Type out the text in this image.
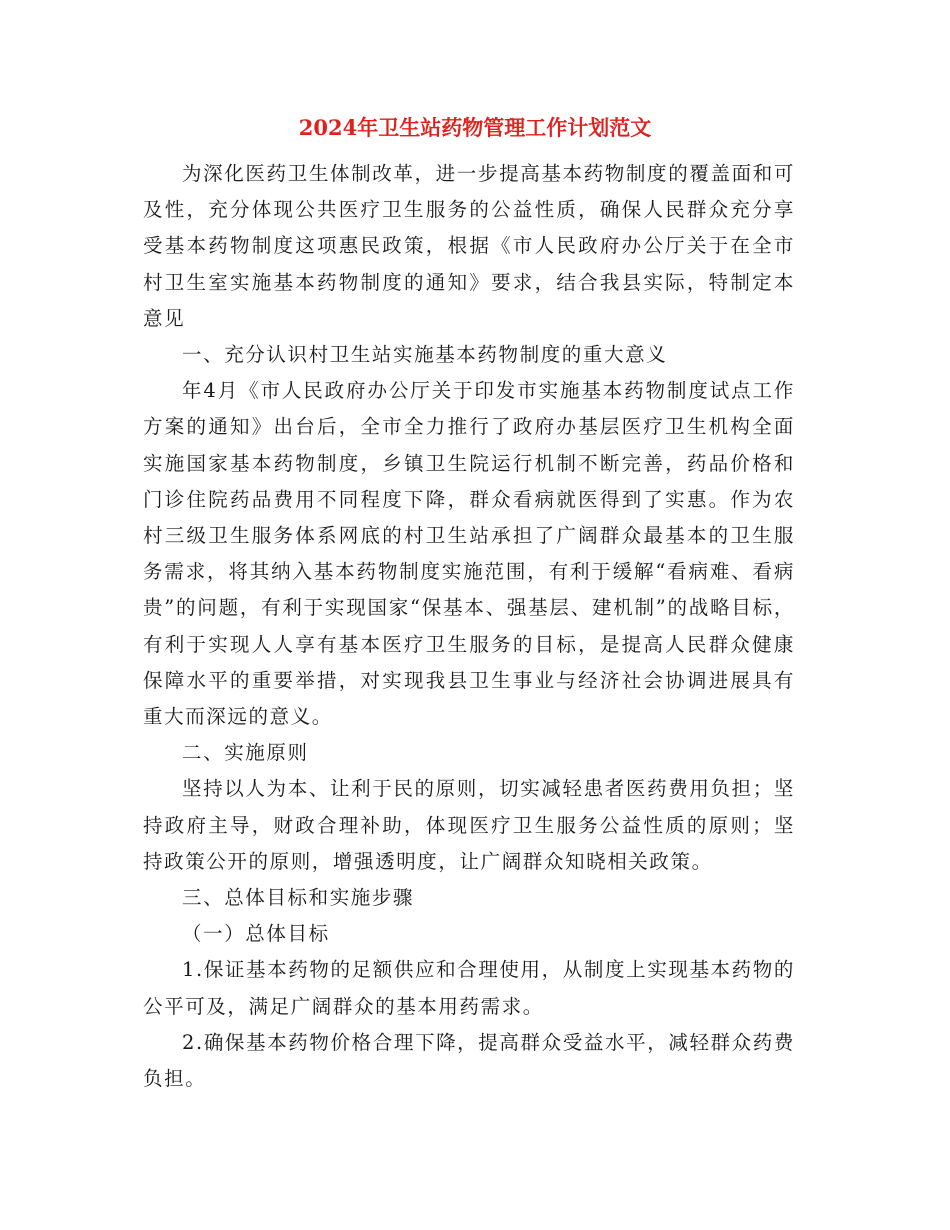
2024年卫生站药物管理工作计划范文

为深化医药卫生体制改革，进一步提高基本药物制度的覆盖面和可及性，充分体现公共医疗卫生服务的公益性质，确保人民群众充分享受基本药物制度这项惠民政策，根据《市人民政府办公厅关于在全市村卫生室实施基本药物制度的通知》要求，结合我县实际，特制定本意见

一、充分认识村卫生站实施基本药物制度的重大意义

年4月《市人民政府办公厅关于印发市实施基本药物制度试点工作方案的通知》出台后，全市全力推行了政府办基层医疗卫生机构全面实施国家基本药物制度，乡镇卫生院运行机制不断完善，药品价格和门诊住院药品费用不同程度下降，群众看病就医得到了实惠。作为农村三级卫生服务体系网底的村卫生站承担了广阔群众最基本的卫生服务需求，将其纳入基本药物制度实施范围，有利于缓解“看病难、看病贵”的问题，有利于实现国家“保基本、强基层、建机制”的战略目标，有利于实现人人享有基本医疗卫生服务的目标，是提高人民群众健康保障水平的重要举措，对实现我县卫生事业与经济社会协调进展具有重大而深远的意义。

二、实施原则

坚持以人为本、让利于民的原则，切实减轻患者医药费用负担；坚持政府主导，财政合理补助，体现医疗卫生服务公益性质的原则；坚持政策公开的原则，增强透明度，让广阔群众知晓相关政策。

三、总体目标和实施步骤

（一）总体目标

1.保证基本药物的足额供应和合理使用，从制度上实现基本药物的公平可及，满足广阔群众的基本用药需求。

2.确保基本药物价格合理下降，提高群众受益水平，减轻群众药费负担。
